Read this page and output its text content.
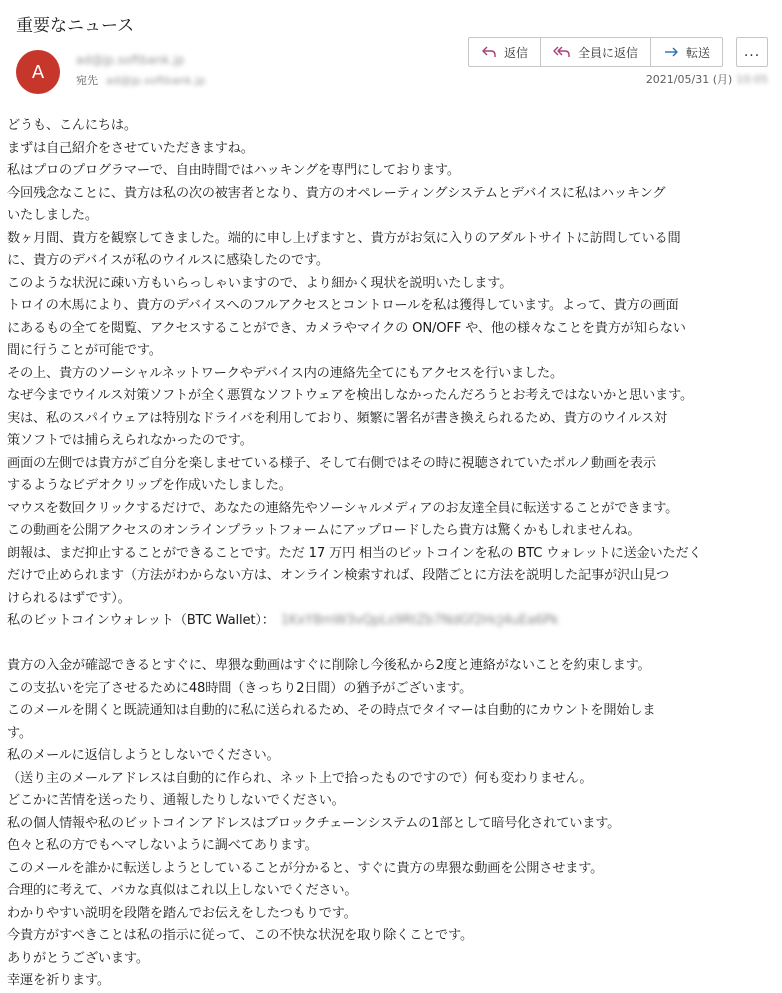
重要なニュース
A
ad@jp.softbank.jp
宛先 ad@jp.softbank.jp
返信	全員に返信	転送 ...
2021/05/31 (月) 10:05
どうも、こんにちは。
まずは自己紹介をさせていただきますね。
私はプロのプログラマーで、自由時間ではハッキングを専門にしております。
今回残念なことに、貴方は私の次の被害者となり、貴方のオペレーティングシステムとデバイスに私はハッキング
いたしました。
数ヶ月間、貴方を観察してきました。端的に申し上げますと、貴方がお気に入りのアダルトサイトに訪問している間
に、貴方のデバイスが私のウイルスに感染したのです。
このような状況に疎い方もいらっしゃいますので、より細かく現状を説明いたします。
トロイの木馬により、貴方のデバイスへのフルアクセスとコントロールを私は獲得しています。よって、貴方の画面
にあるもの全てを閲覧、アクセスすることができ、カメラやマイクの ON/OFF や、他の様々なことを貴方が知らない
間に行うことが可能です。
その上、貴方のソーシャルネットワークやデバイス内の連絡先全てにもアクセスを行いました。
なぜ今までウイルス対策ソフトが全く悪質なソフトウェアを検出しなかったんだろうとお考えではないかと思います。
実は、私のスパイウェアは特別なドライバを利用しており、頻繁に署名が書き換えられるため、貴方のウイルス対
策ソフトでは捕らえられなかったのです。
画面の左側では貴方がご自分を楽しませている様子、そして右側ではその時に視聴されていたポルノ動画を表示
するようなビデオクリップを作成いたしました。
マウスを数回クリックするだけで、あなたの連絡先やソーシャルメディアのお友達全員に転送することができます。
この動画を公開アクセスのオンラインプラットフォームにアップロードしたら貴方は驚くかもしれませんね。
朗報は、まだ抑止することができることです。ただ 17 万円 相当のビットコインを私の BTC ウォレットに送金いただく
だけで止められます（方法がわからない方は、オンライン検索すれば、段階ごとに方法を説明した記事が沢山見つ
けられるはずです）。
私のビットコインウォレット（BTC Wallet）： 1KxY8mW3vQpLs9RtZb7NdGf2HcJ4uEa6Pk
貴方の入金が確認できるとすぐに、卑猥な動画はすぐに削除し今後私から2度と連絡がないことを約束します。
この支払いを完了させるために48時間（きっちり2日間）の猶予がございます。
このメールを開くと既読通知は自動的に私に送られるため、その時点でタイマーは自動的にカウントを開始しま
す。
私のメールに返信しようとしないでください。
（送り主のメールアドレスは自動的に作られ、ネット上で拾ったものですので）何も変わりません。
どこかに苦情を送ったり、通報したりしないでください。
私の個人情報や私のビットコインアドレスはブロックチェーンシステムの1部として暗号化されています。
色々と私の方でもヘマしないように調べてあります。
このメールを誰かに転送しようとしていることが分かると、すぐに貴方の卑猥な動画を公開させます。
合理的に考えて、バカな真似はこれ以上しないでください。
わかりやすい説明を段階を踏んでお伝えをしたつもりです。
今貴方がすべきことは私の指示に従って、この不快な状況を取り除くことです。
ありがとうございます。
幸運を祈ります。
